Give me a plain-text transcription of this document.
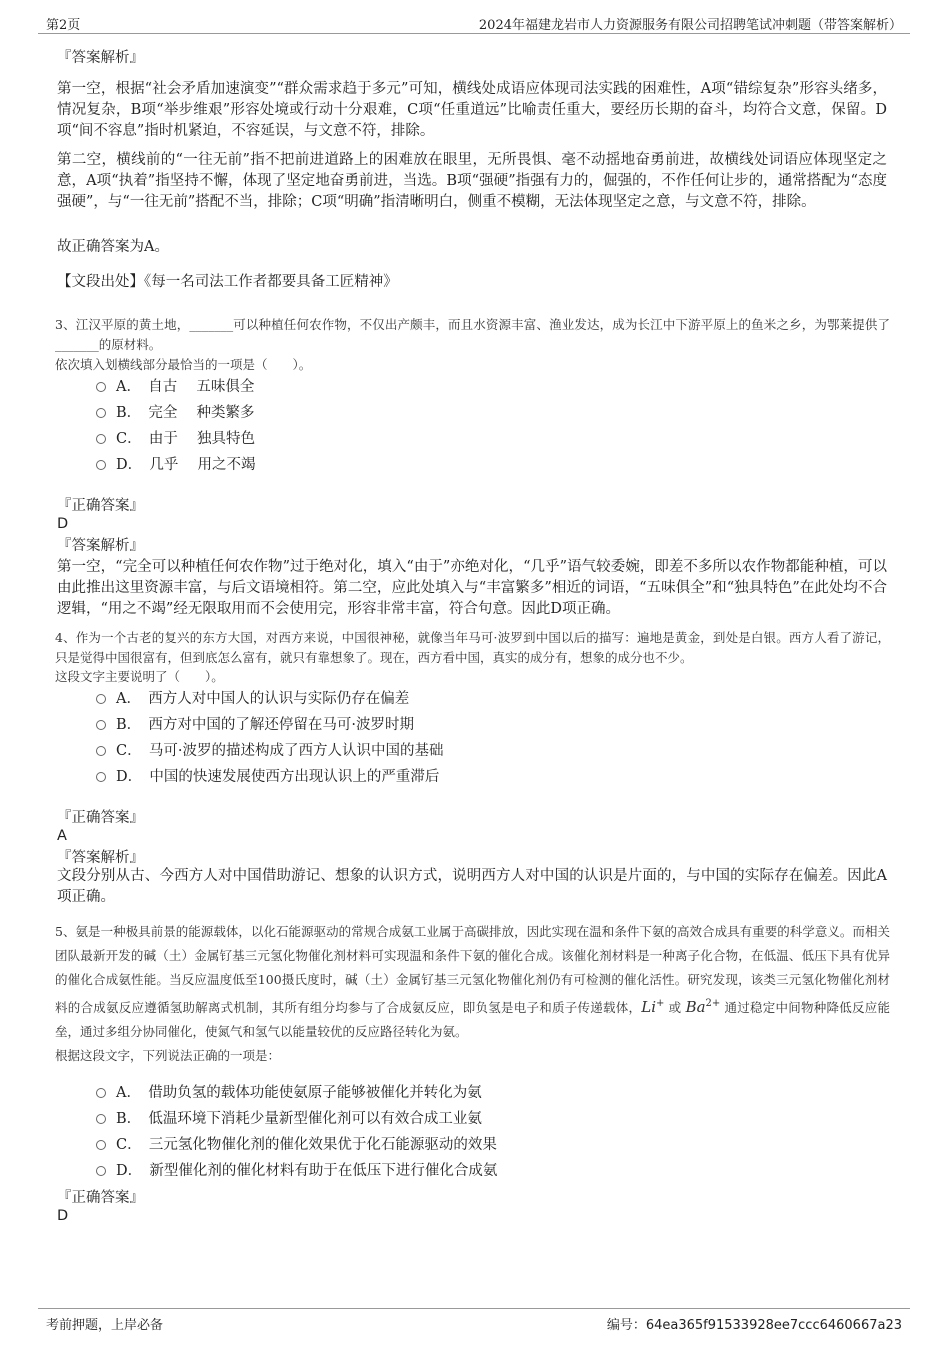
第2页	2024年福建龙岩市人力资源服务有限公司招聘笔试冲刺题（带答案解析）
『答案解析』

第一空，根据“社会矛盾加速演变”“群众需求趋于多元”可知，横线处成语应体现司法实践的困难性，A项“错综复杂”形容头绪多，情况复杂，B项“举步维艰”形容处境或行动十分艰难，C项“任重道远”比喻责任重大，要经历长期的奋斗，均符合文意，保留。D项“间不容息”指时机紧迫，不容延误，与文意不符，排除。

第二空，横线前的“一往无前”指不把前进道路上的困难放在眼里，无所畏惧、毫不动摇地奋勇前进，故横线处词语应体现坚定之意，A项“执着”指坚持不懈，体现了坚定地奋勇前进，当选。B项“强硬”指强有力的，倔强的，不作任何让步的，通常搭配为“态度强硬”，与“一往无前”搭配不当，排除；C项“明确”指清晰明白，侧重不模糊，无法体现坚定之意，与文意不符，排除。

故正确答案为A。

【文段出处】《每一名司法工作者都要具备工匠精神》

3、江汉平原的黄土地，_______可以种植任何农作物，不仅出产颇丰，而且水资源丰富、渔业发达，成为长江中下游平原上的鱼米之乡，为鄂莱提供了_______的原材料。

依次填入划横线部分最恰当的一项是（　　）。

A．　自古　 五味俱全
B．　完全　 种类繁多
C．　由于　 独具特色
D．　几乎　 用之不竭
『正确答案』
D
『答案解析』

第一空，“完全可以种植任何农作物”过于绝对化，填入“由于”亦绝对化，“几乎”语气较委婉，即差不多所以农作物都能种植，可以由此推出这里资源丰富，与后文语境相符。第二空，应此处填入与“丰富繁多”相近的词语，“五味俱全”和“独具特色”在此处均不合逻辑，“用之不竭”经无限取用而不会使用完，形容非常丰富，符合句意。因此D项正确。

4、作为一个古老的复兴的东方大国，对西方来说，中国很神秘，就像当年马可·波罗到中国以后的描写：遍地是黄金，到处是白银。西方人看了游记，只是觉得中国很富有，但到底怎么富有，就只有靠想象了。现在，西方看中国，真实的成分有，想象的成分也不少。

这段文字主要说明了（　　）。

A．　西方人对中国人的认识与实际仍存在偏差
B．　西方对中国的了解还停留在马可·波罗时期
C．　马可·波罗的描述构成了西方人认识中国的基础
D．　中国的快速发展使西方出现认识上的严重滞后
『正确答案』
A
『答案解析』

文段分别从古、今西方人对中国借助游记、想象的认识方式，说明西方人对中国的认识是片面的，与中国的实际存在偏差。因此A项正确。

5、氨是一种极具前景的能源载体，以化石能源驱动的常规合成氨工业属于高碳排放，因此实现在温和条件下氨的高效合成具有重要的科学意义。而相关团队最新开发的碱（土）金属钌基三元氢化物催化剂材料可实现温和条件下氨的催化合成。该催化剂材料是一种离子化合物，在低温、低压下具有优异的催化合成氨性能。当反应温度低至100摄氏度时，碱（土）金属钌基三元氢化物催化剂仍有可检测的催化活性。研究发现，该类三元氢化物催化剂材料的合成氨反应遵循氢助解离式机制，其所有组分均参与了合成氨反应，即负氢是电子和质子传递载体，Li+ 或 $Ba^{2+}$ 通过稳定中间物种降低反应能垒，通过多组分协同催化，使氮气和氢气以能量较优的反应路径转化为氨。

根据这段文字，下列说法正确的一项是：

A．　借助负氢的载体功能使氨原子能够被催化并转化为氨
B．　低温环境下消耗少量新型催化剂可以有效合成工业氨
C．　三元氢化物催化剂的催化效果优于化石能源驱动的效果
D．　新型催化剂的催化材料有助于在低压下进行催化合成氨
『正确答案』
D
考前押题，上岸必备	编号：64ea365f91533928ee7ccc6460667a23
